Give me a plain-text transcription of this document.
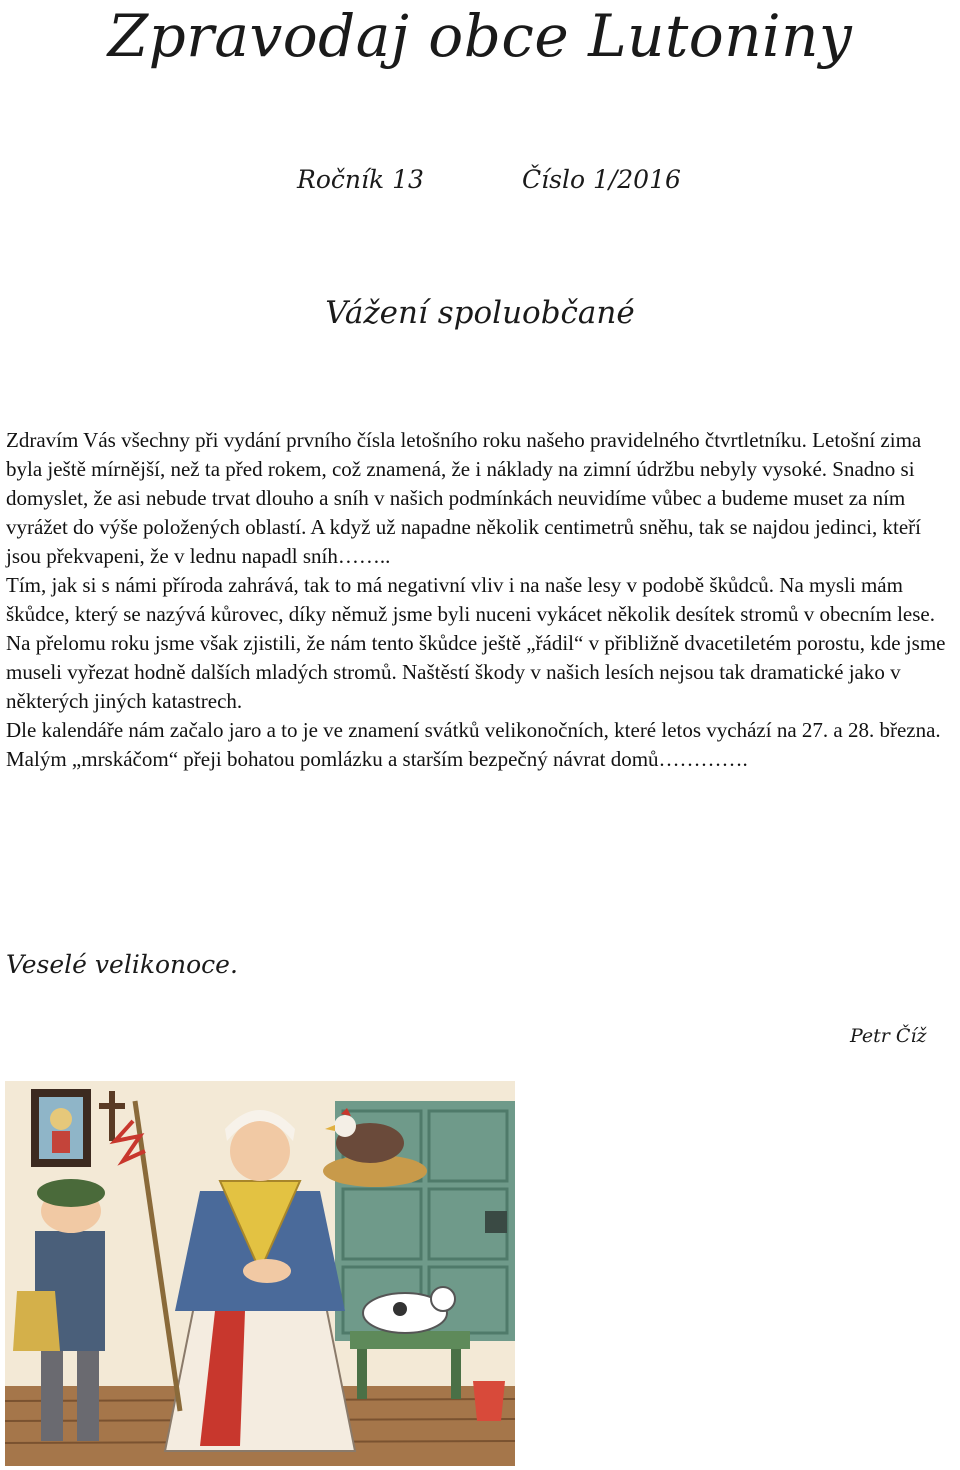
Zpravodaj obce Lutoniny
Ročník 13	Číslo 1/2016
Vážení spoluobčané

Zdravím Vás všechny při vydání prvního čísla letošního roku našeho pravidelného čtvrtletníku. Letošní zima byla ještě mírnější, než ta před rokem, což znamená, že i náklady na zimní údržbu nebyly vysoké. Snadno si domyslet, že asi nebude trvat dlouho a sníh v našich podmínkách neuvidíme vůbec a budeme muset za ním vyrážet do výše položených oblastí. A když už napadne několik centimetrů sněhu, tak se najdou jedinci, kteří jsou překvapeni, že v lednu napadl sníh……..

Tím, jak si s námi příroda zahrává, tak to má negativní vliv i na naše lesy v podobě škůdců. Na mysli mám škůdce, který se nazývá kůrovec, díky němuž jsme byli nuceni vykácet několik desítek stromů v obecním lese. Na přelomu roku jsme však zjistili, že nám tento škůdce ještě „řádil“ v přibližně dvacetiletém porostu, kde jsme museli vyřezat hodně dalších mladých stromů. Naštěstí škody v našich lesích nejsou tak dramatické jako v některých jiných katastrech.

Dle kalendáře nám začalo jaro a to je ve znamení svátků velikonočních, které letos vychází na 27. a 28. března. Malým „mrskáčom“ přeji bohatou pomlázku a starším bezpečný návrat domů………….

Veselé velikonoce.
Petr Číž
